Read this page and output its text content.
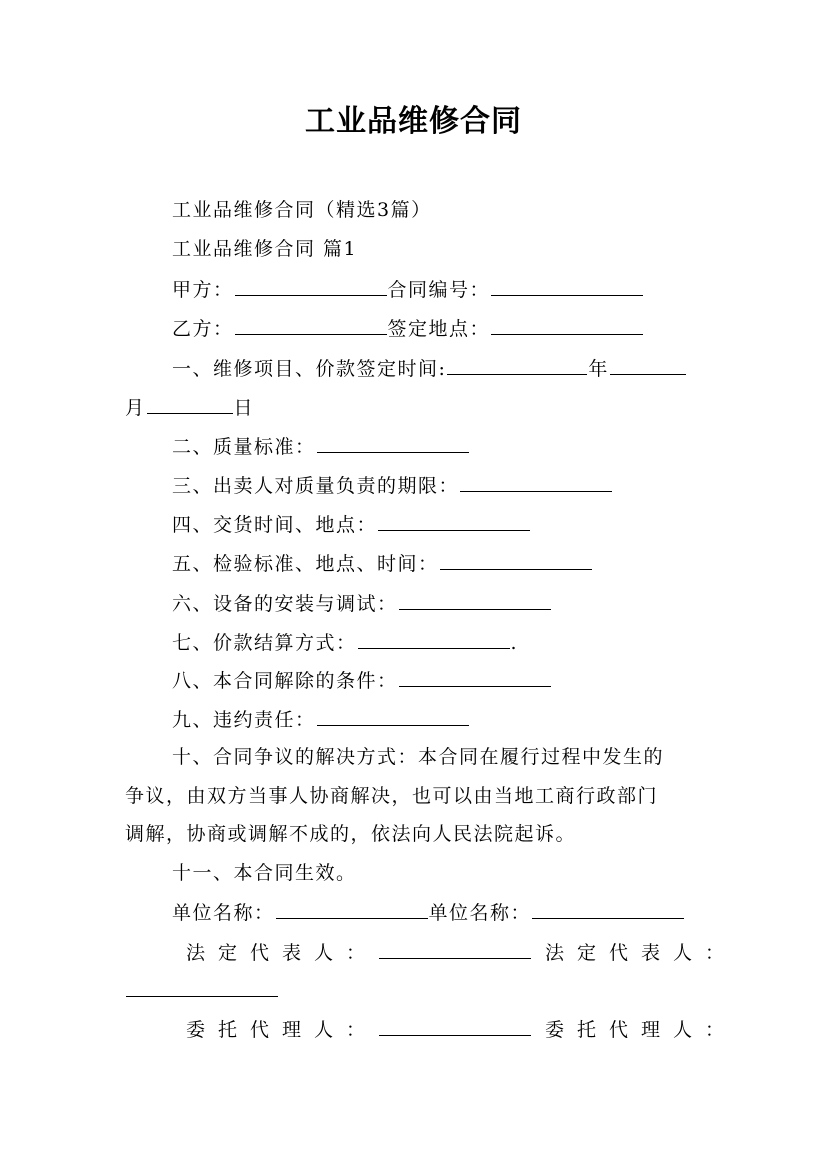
工业品维修合同
工业品维修合同（精选3篇）
工业品维修合同 篇1
甲方：	合同编号：
乙方：	签定地点：
一、维修项目、价款签定时间:	年
月	日
二、质量标准：
三、出卖人对质量负责的期限：
四、交货时间、地点：
五、检验标准、地点、时间：
六、设备的安装与调试：
七、价款结算方式：	.
八、本合同解除的条件：
九、违约责任：
十、合同争议的解决方式：本合同在履行过程中发生的
争议，由双方当事人协商解决，也可以由当地工商行政部门
调解，协商或调解不成的，依法向人民法院起诉。
十一、本合同生效。
单位名称：	单位名称：
法定代表人：	法定代表人：
委托代理人：	委托代理人：
